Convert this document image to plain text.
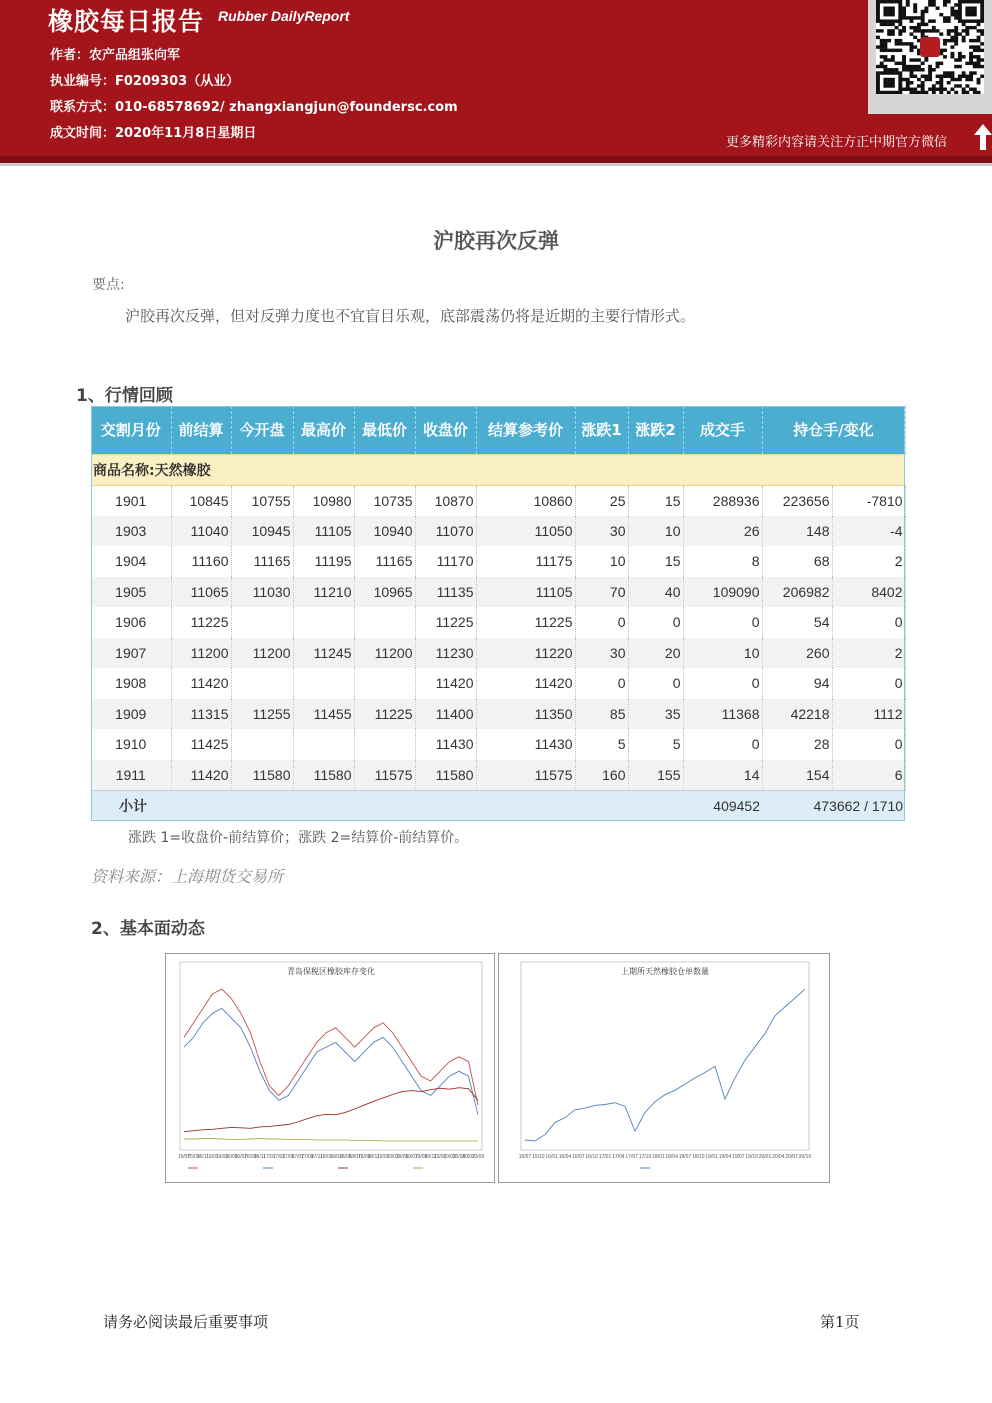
橡胶每日报告 Rubber DailyReport
作者：农产品组张向军
执业编号：F0209303（从业）
联系方式：010-68578692/ zhangxiangjun@foundersc.com
成文时间：2020年11月8日星期日
更多精彩内容请关注方正中期官方微信
沪胶再次反弹
要点:
沪胶再次反弹，但对反弹力度也不宜盲目乐观，底部震荡仍将是近期的主要行情形式。
1、行情回顾
交割月份	前结算	今开盘	最高价	最低价	收盘价	结算参考价	涨跌1	涨跌2	成交手	持仓手/变化	
商品名称:天然橡胶											
1901	10845	10755	10980	10735	10870	10860	25	15	288936	223656	-7810
1903	11040	10945	11105	10940	11070	11050	30	10	26	148	-4
1904	11160	11165	11195	11165	11170	11175	10	15	8	68	2
1905	11065	11030	11210	10965	11135	11105	70	40	109090	206982	8402
1906	11225				11225	11225	0	0	0	54	0
1907	11200	11200	11245	11200	11230	11220	30	20	10	260	2
1908	11420				11420	11420	0	0	0	94	0
1909	11315	11255	11455	11225	11400	11350	85	35	11368	42218	1112
1910	11425				11430	11430	5	5	0	28	0
1911	11420	11580	11580	11575	11580	11575	160	155	14	154	6
小计									409452	473662 / 1710	
涨跌 1=收盘价-前结算价；涨跌 2=结算价-前结算价。
资料来源：上海期货交易所
2、基本面动态
青岛保税区橡胶库存变化
15/07
15/09
15/11
16/01
16/03
16/05
16/07
16/09
16/11
17/01
17/03
17/05
17/07
17/09
17/11
18/01
18/03
18/05
18/07
18/09
18/11
19/01
19/03
19/05
19/07
19/09
19/11
20/01
20/03
20/05
20/07
20/09
上期所天然橡胶仓单数量
15/07 15/10 16/01 16/04 16/07 16/10 17/01 17/04 17/07 17/10 18/01 18/04 18/07 18/10 19/01 19/04 19/07 19/10 20/01 20/04 20/07 20/10
请务必阅读最后重要事项	第1页
